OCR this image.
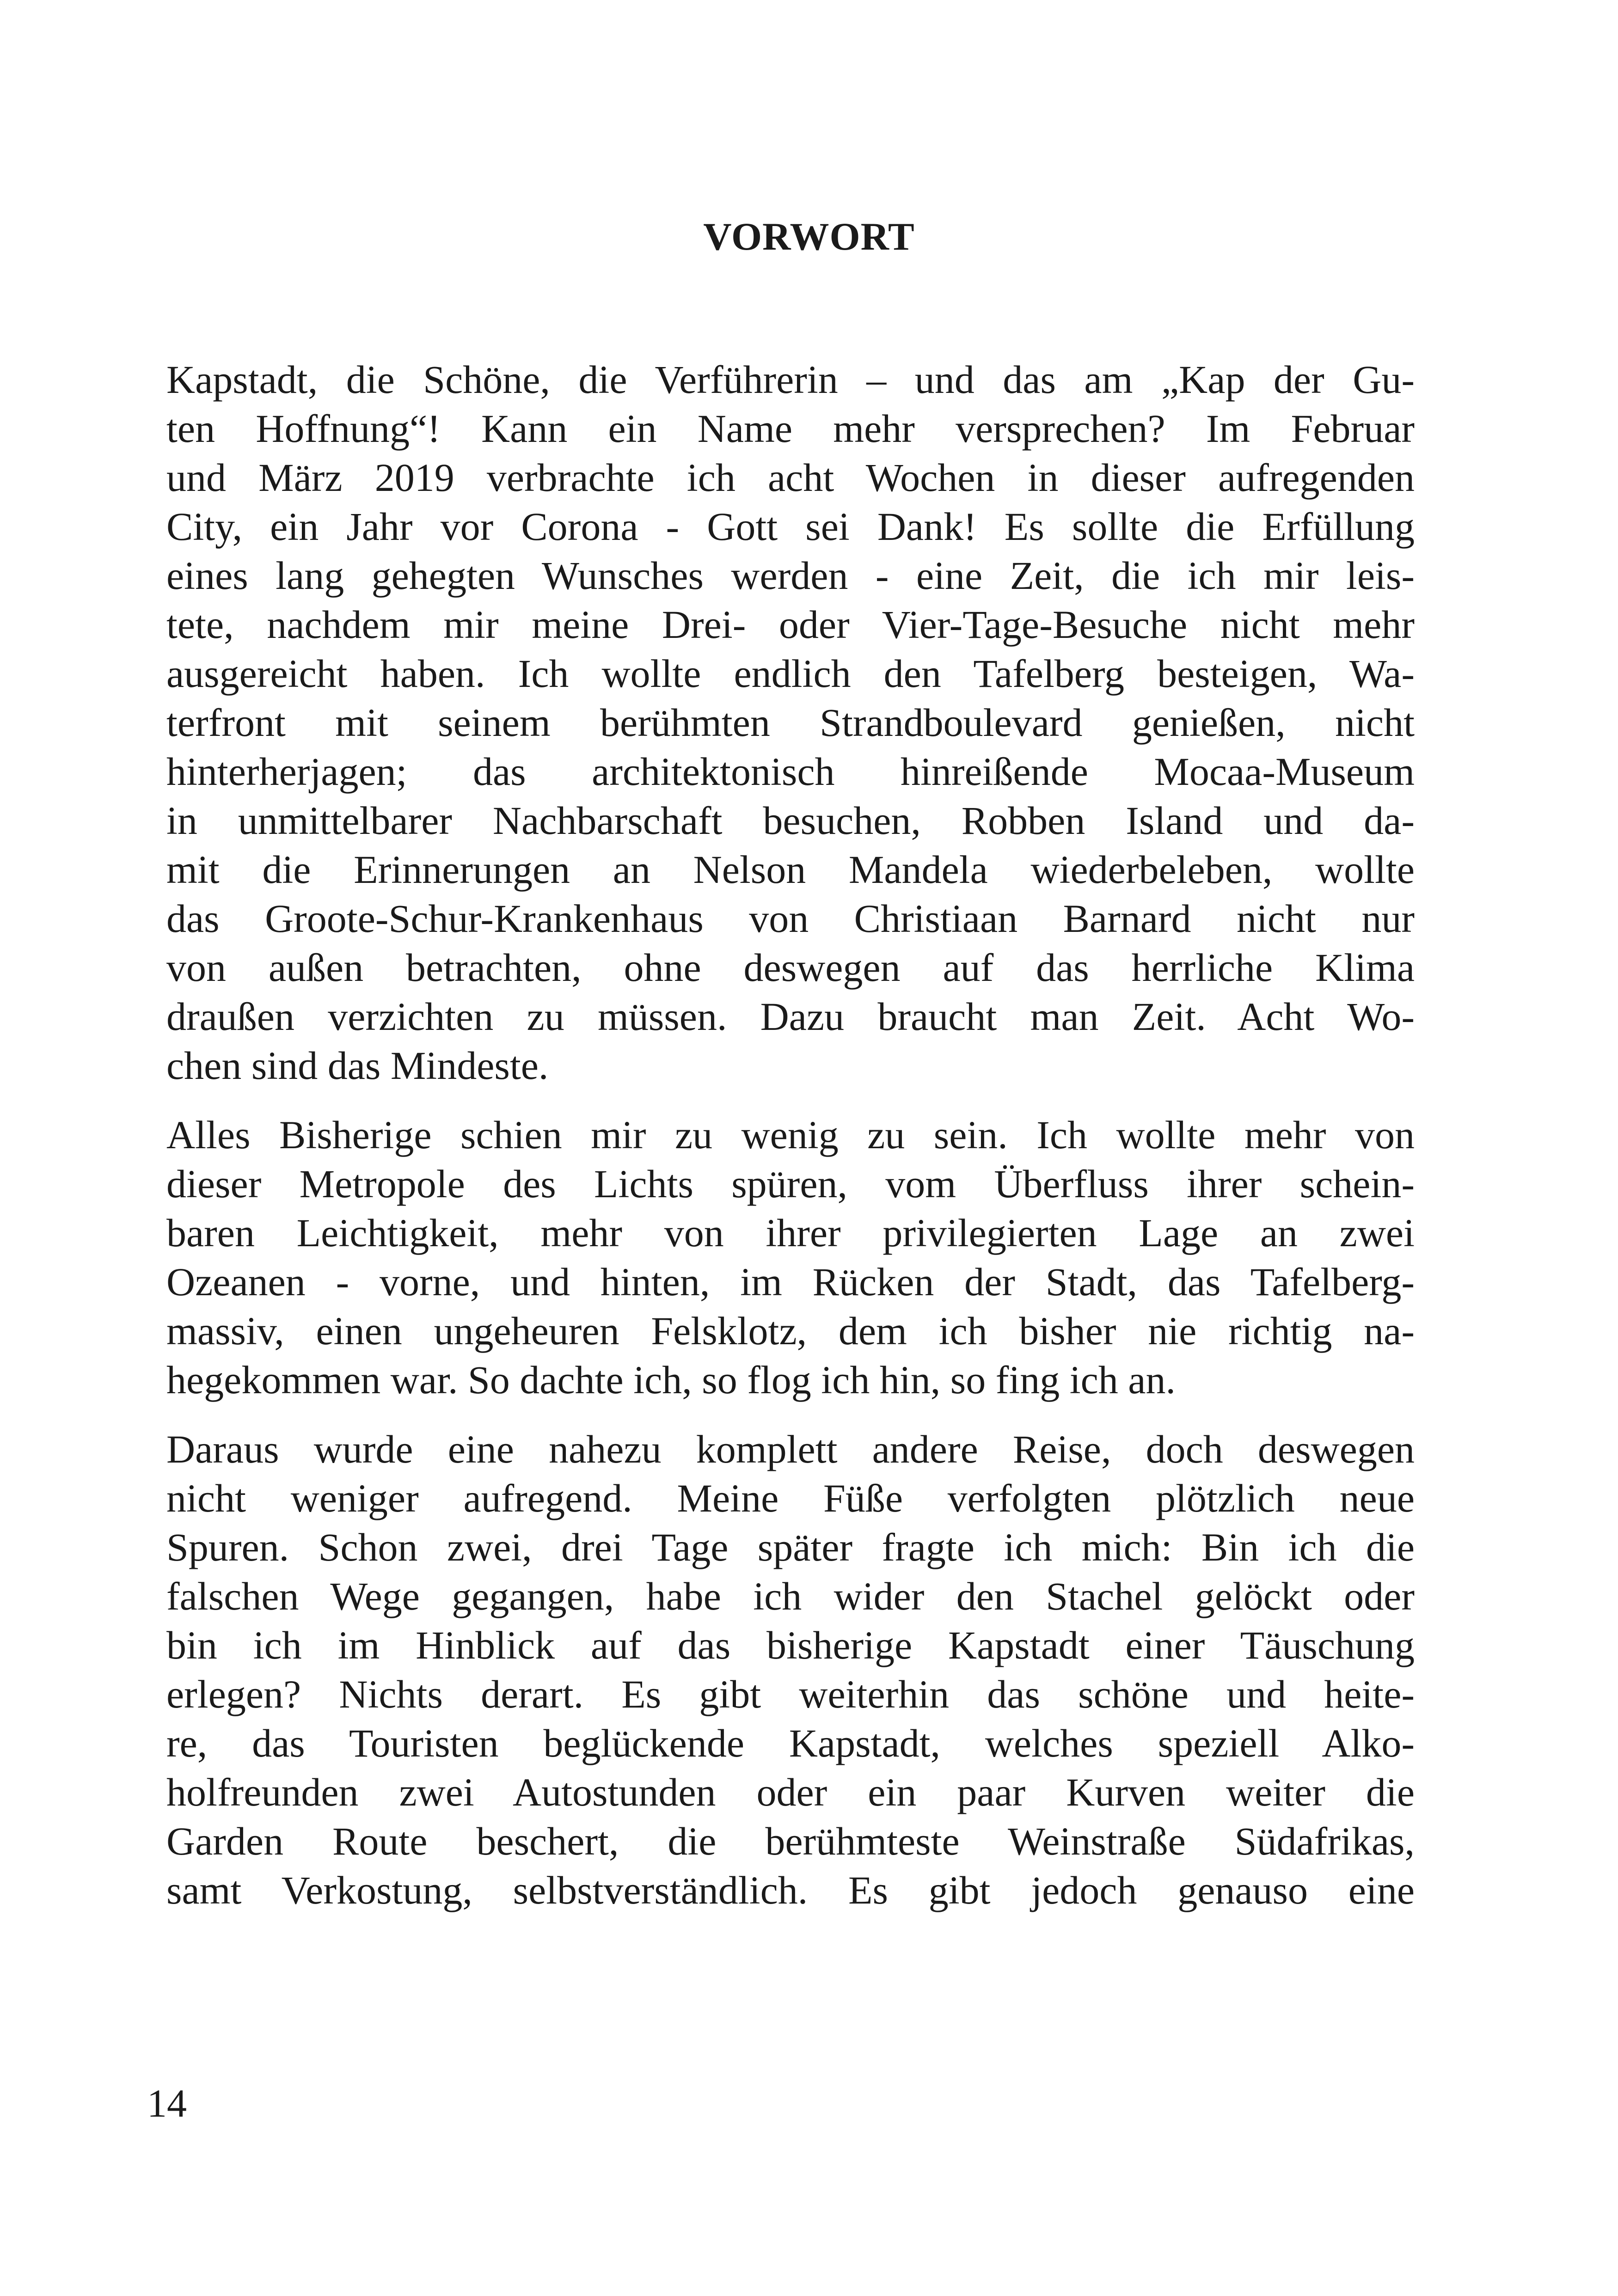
VORWORT

Kapstadt, die Schöne, die Verführerin – und das am „Kap der Gu-
ten Hoffnung“! Kann ein Name mehr versprechen? Im Februar
und März 2019 verbrachte ich acht Wochen in dieser aufregenden
City, ein Jahr vor Corona - Gott sei Dank! Es sollte die Erfüllung
eines lang gehegten Wunsches werden - eine Zeit, die ich mir leis-
tete, nachdem mir meine Drei- oder Vier-Tage-Besuche nicht mehr
ausgereicht haben. Ich wollte endlich den Tafelberg besteigen, Wa-
terfront mit seinem berühmten Strandboulevard genießen, nicht
hinterherjagen; das architektonisch hinreißende Mocaa-Museum
in unmittelbarer Nachbarschaft besuchen, Robben Island und da-
mit die Erinnerungen an Nelson Mandela wiederbeleben, wollte
das Groote-Schur-Krankenhaus von Christiaan Barnard nicht nur
von außen betrachten, ohne deswegen auf das herrliche Klima
draußen verzichten zu müssen. Dazu braucht man Zeit. Acht Wo-
chen sind das Mindeste.

Alles Bisherige schien mir zu wenig zu sein. Ich wollte mehr von
dieser Metropole des Lichts spüren, vom Überfluss ihrer schein-
baren Leichtigkeit, mehr von ihrer privilegierten Lage an zwei
Ozeanen - vorne, und hinten, im Rücken der Stadt, das Tafelberg-
massiv, einen ungeheuren Felsklotz, dem ich bisher nie richtig na-
hegekommen war. So dachte ich, so flog ich hin, so fing ich an.

Daraus wurde eine nahezu komplett andere Reise, doch deswegen
nicht weniger aufregend. Meine Füße verfolgten plötzlich neue
Spuren. Schon zwei, drei Tage später fragte ich mich: Bin ich die
falschen Wege gegangen, habe ich wider den Stachel gelöckt oder
bin ich im Hinblick auf das bisherige Kapstadt einer Täuschung
erlegen? Nichts derart. Es gibt weiterhin das schöne und heite-
re, das Touristen beglückende Kapstadt, welches speziell Alko-
holfreunden zwei Autostunden oder ein paar Kurven weiter die
Garden Route beschert, die berühmteste Weinstraße Südafrikas,
samt Verkostung, selbstverständlich. Es gibt jedoch genauso eine

14
